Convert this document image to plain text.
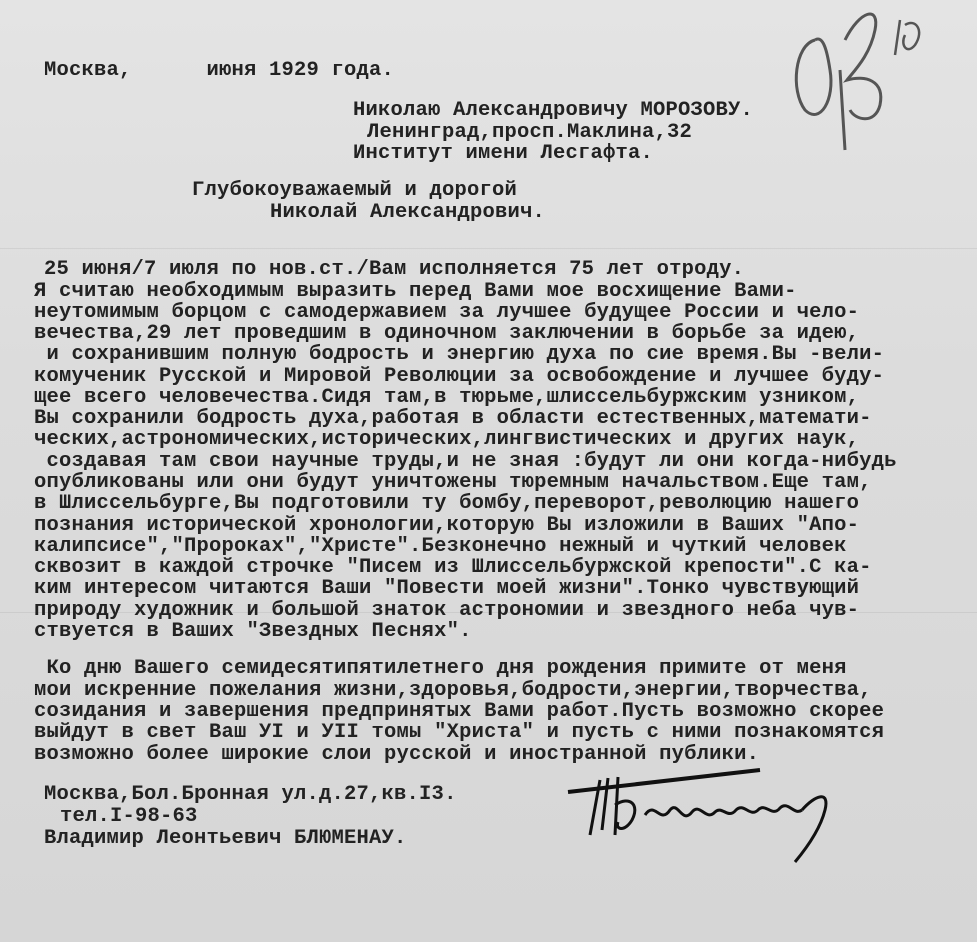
Москва,      июня 1929 года.
Николаю Александровичу МОРОЗОВУ.
Ленинград,просп.Маклина,32
Институт имени Лесгафта.
Глубокоуважаемый и дорогой
Николай Александрович.
25 июня/7 июля по нов.ст./Вам исполняется 75 лет отроду.
Я считаю необходимым выразить перед Вами мое восхищение Вами-
неутомимым борцом с самодержавием за лучшее будущее России и чело-
вечества,29 лет проведшим в одиночном заключении в борьбе за идею,
и сохранившим полную бодрость и энергию духа по сие время.Вы -вели-
комученик Русской и Мировой Революции за освобождение и лучшее буду-
щее всего человечества.Сидя там,в тюрьме,шлиссельбуржским узником,
Вы сохранили бодрость духа,работая в области естественных,математи-
ческих,астрономических,исторических,лингвистических и других наук,
создавая там свои научные труды,и не зная :будут ли они когда-нибудь
опубликованы или они будут уничтожены тюремным начальством.Еще там,
в Шлиссельбурге,Вы подготовили ту бомбу,переворот,революцию нашего
познания исторической хронологии,которую Вы изложили в Ваших "Апо-
калипсисе","Пророках","Христе".Безконечно нежный и чуткий человек
сквозит в каждой строчке "Писем из Шлиссельбуржской крепости".С ка-
ким интересом читаются Ваши "Повести моей жизни".Тонко чувствующий
природу художник и большой знаток астрономии и звездного неба чув-
ствуется в Ваших "Звездных Песнях".
Ко дню Вашего семидесятипятилетнего дня рождения примите от меня
мои искренние пожелания жизни,здоровья,бодрости,энергии,творчества,
созидания и завершения предпринятых Вами работ.Пусть возможно скорее
выйдут в свет Ваш УI и УII томы "Христа" и пусть с ними познакомятся
возможно более широкие слои русской и иностранной публики.
Москва,Бол.Бронная ул.д.27,кв.I3.
тел.I-98-63
Владимир Леонтьевич БЛЮМЕНАУ.
